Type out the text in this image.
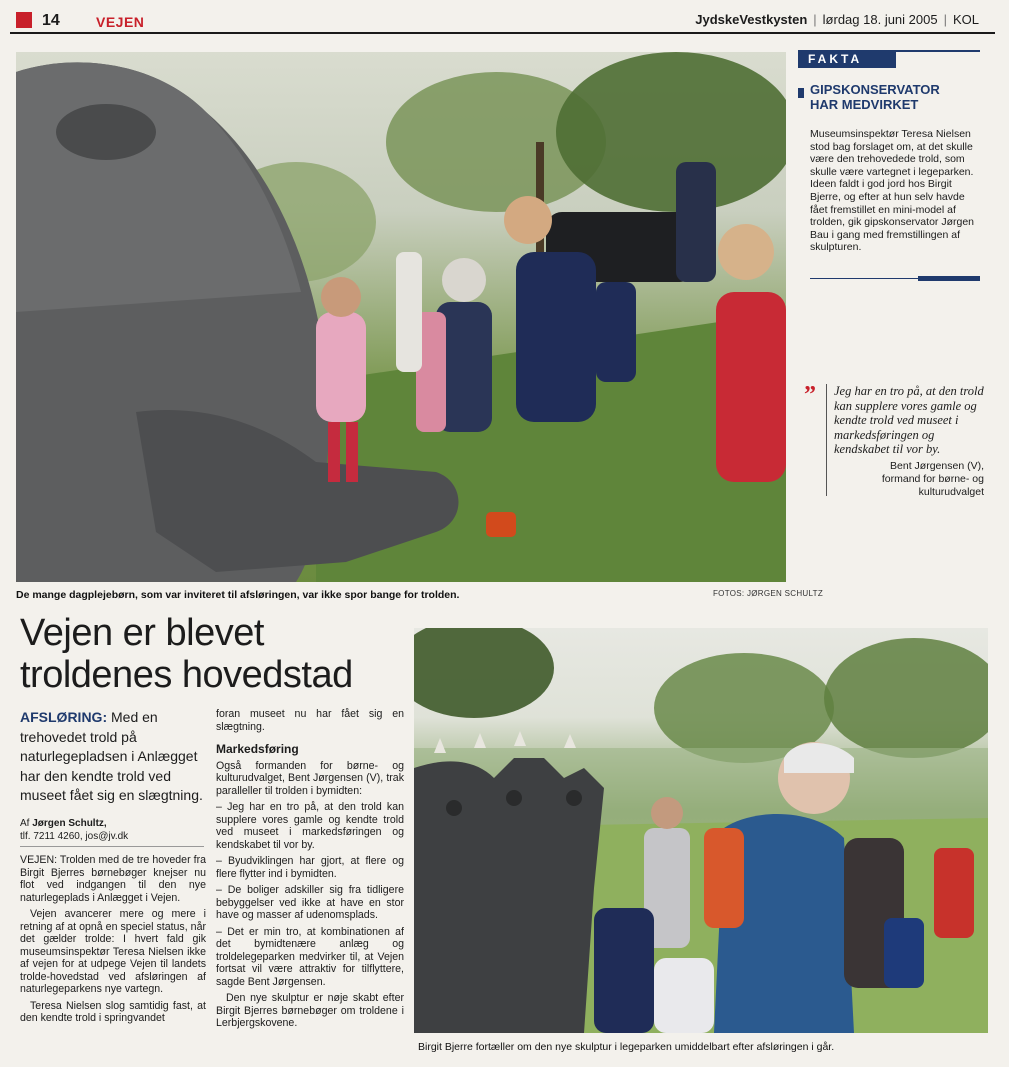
14	VEJEN	JydskeVestkysten | lørdag 18. juni 2005 | KOL
De mange dagplejebørn, som var inviteret til afsløringen, var ikke spor bange for trolden.	FOTOS: JØRGEN SCHULTZ
FAKTA
GIPSKONSERVATOR HAR MEDVIRKET
Museumsinspektør Teresa Nielsen stod bag forslaget om, at det skulle være den trehovedede trold, som skulle være vartegnet i legeparken.
Ideen faldt i god jord hos Birgit Bjerre, og efter at hun selv havde fået fremstillet en mini-model af trolden, gik gipskonservator Jørgen Bau i gang med fremstillingen af skulpturen.
” Jeg har en tro på, at den trold kan supplere vores gamle og kendte trold ved museet i markedsføringen og kendskabet til vor by.
Bent Jørgensen (V),
formand for børne- og kulturudvalget
Vejen er blevet troldenes hovedstad
AFSLØRING: Med en trehovedet trold på naturlegepladsen i Anlægget har den kendte trold ved museet fået sig en slægtning.
Af Jørgen Schultz,
tlf. 7211 4260, jos@jv.dk

VEJEN: Trolden med de tre hoveder fra Birgit Bjerres børnebøger knejser nu flot ved indgangen til den nye naturlegeplads i Anlægget i Vejen.

Vejen avancerer mere og mere i retning af at opnå en speciel status, når det gælder trolde: I hvert fald gik museumsinspektør Teresa Nielsen ikke af vejen for at udpege Vejen til landets trolde-hovedstad ved afsløringen af naturlegeparkens nye vartegn.

Teresa Nielsen slog samtidig fast, at den kendte trold i springvandet

foran museet nu har fået sig en slægtning.

Markedsføring

Også formanden for børne- og kulturudvalget, Bent Jørgensen (V), trak paralleller til trolden i bymidten:

– Jeg har en tro på, at den trold kan supplere vores gamle og kendte trold ved museet i markedsføringen og kendskabet til vor by.

– Byudviklingen har gjort, at flere og flere flytter ind i bymidten.

– De boliger adskiller sig fra tidligere bebyggelser ved ikke at have en stor have og masser af udenomsplads.

– Det er min tro, at kombinationen af det bymidtenære anlæg og troldelegeparken medvirker til, at Vejen fortsat vil være attraktiv for tilflyttere, sagde Bent Jørgensen.

Den nye skulptur er nøje skabt efter Birgit Bjerres børnebøger om troldene i Lerbjergskovene.

Birgit Bjerre fortæller om den nye skulptur i legeparken umiddelbart efter afsløringen i går.
